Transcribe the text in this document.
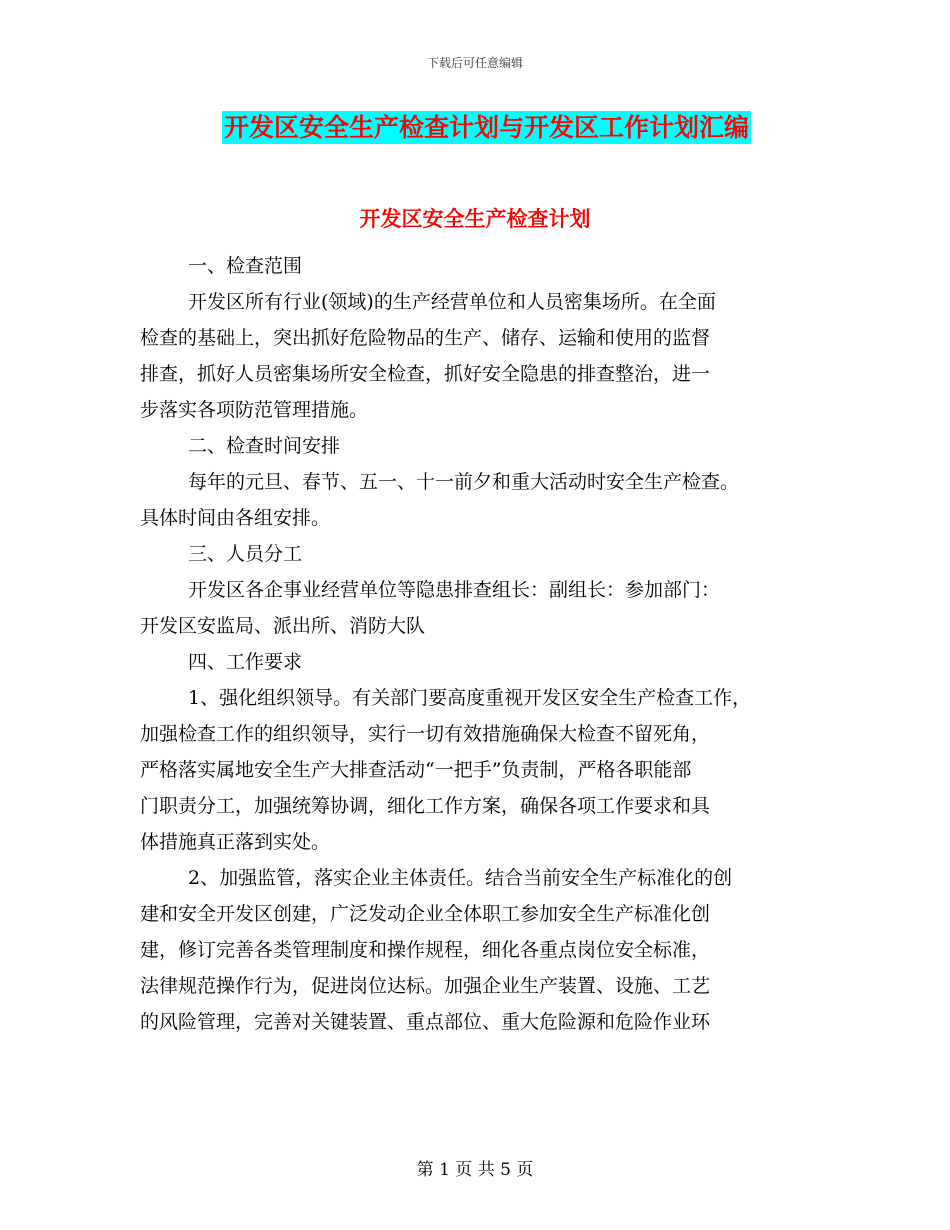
下载后可任意编辑
开发区安全生产检查计划与开发区工作计划汇编
开发区安全生产检查计划
一、检查范围
开发区所有行业(领域)的生产经营单位和人员密集场所。在全面
检查的基础上，突出抓好危险物品的生产、储存、运输和使用的监督
排查，抓好人员密集场所安全检查，抓好安全隐患的排查整治，进一
步落实各项防范管理措施。
二、检查时间安排
每年的元旦、春节、五一、十一前夕和重大活动时安全生产检查。
具体时间由各组安排。
三、人员分工
开发区各企事业经营单位等隐患排查组长：副组长：参加部门：
开发区安监局、派出所、消防大队
四、工作要求
1、强化组织领导。有关部门要高度重视开发区安全生产检查工作，
加强检查工作的组织领导，实行一切有效措施确保大检查不留死角，
严格落实属地安全生产大排查活动“一把手”负责制，严格各职能部
门职责分工，加强统筹协调，细化工作方案，确保各项工作要求和具
体措施真正落到实处。
2、加强监管，落实企业主体责任。结合当前安全生产标准化的创
建和安全开发区创建，广泛发动企业全体职工参加安全生产标准化创
建，修订完善各类管理制度和操作规程，细化各重点岗位安全标准，
法律规范操作行为，促进岗位达标。加强企业生产装置、设施、工艺
的风险管理，完善对关键装置、重点部位、重大危险源和危险作业环
第 1 页 共 5 页
